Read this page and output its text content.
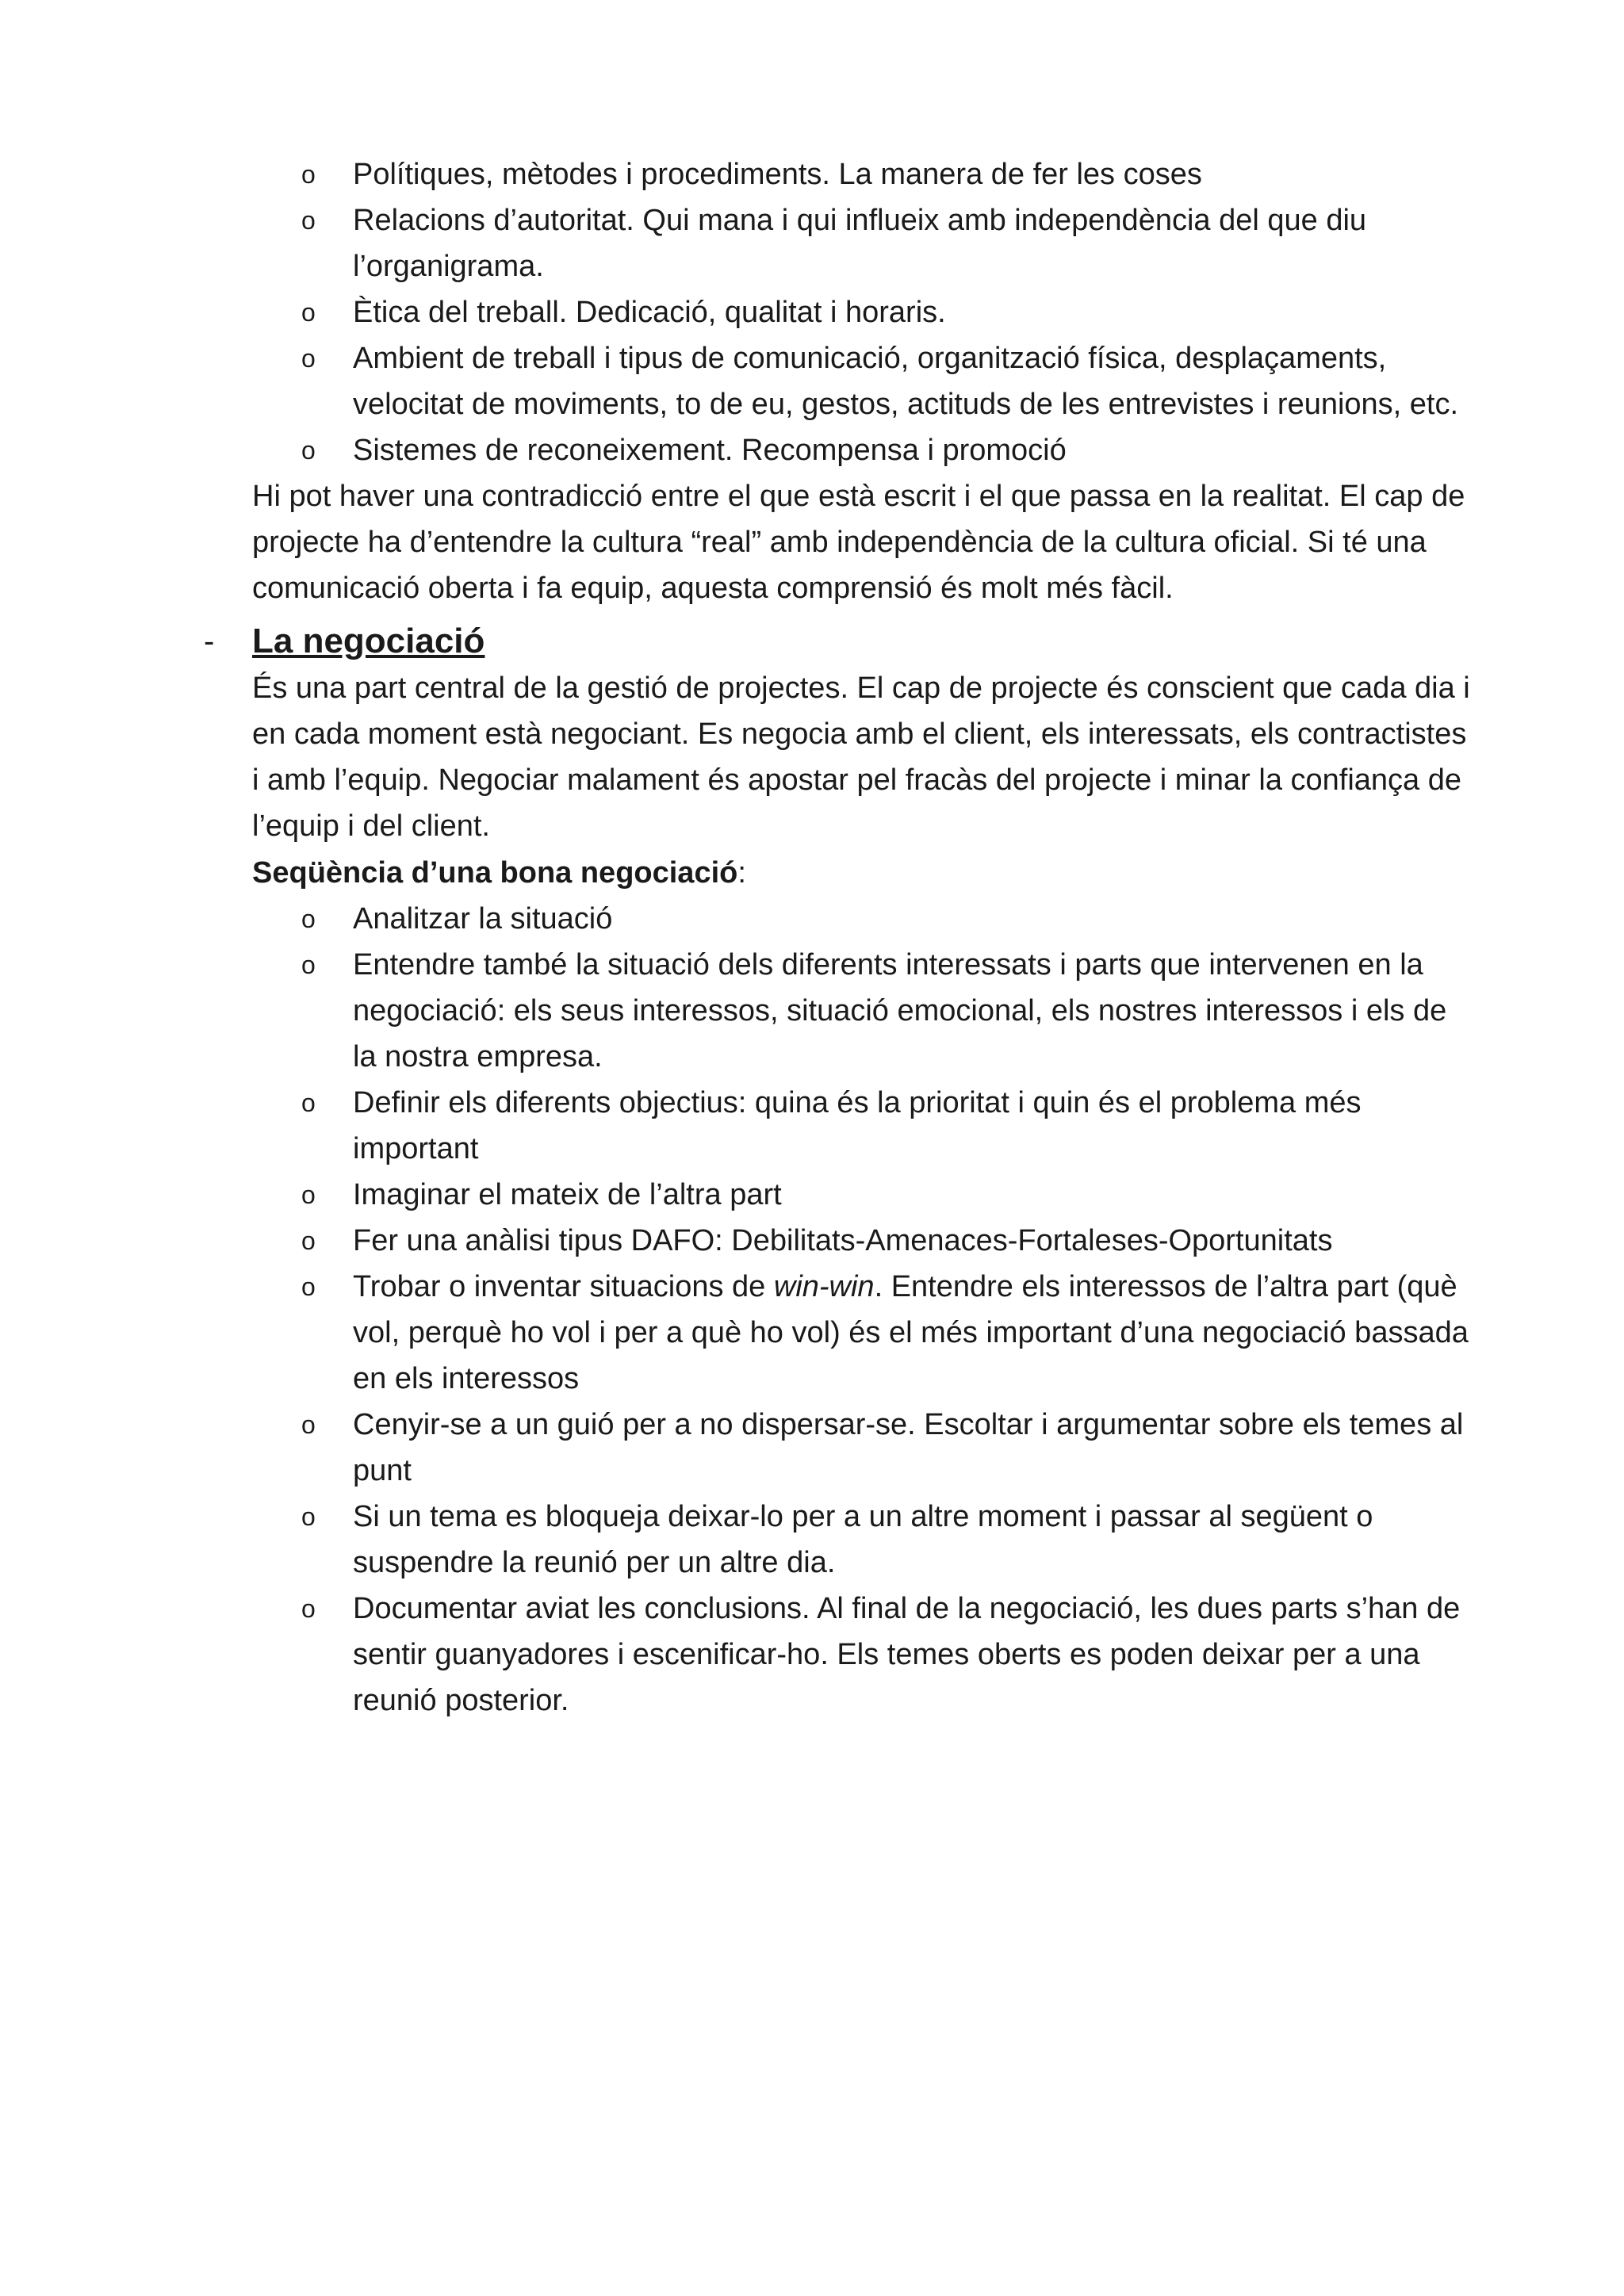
o Polítiques, mètodes i procediments. La manera de fer les coses
o Relacions d’autoritat. Qui mana i qui influeix amb independència del que diu l’organigrama.
o Ètica del treball. Dedicació, qualitat i horaris.
o Ambient de treball i tipus de comunicació, organització física, desplaçaments, velocitat de moviments, to de eu, gestos, actituds de les entrevistes i reunions, etc.
o Sistemes de reconeixement. Recompensa i promoció

Hi pot haver una contradicció entre el que està escrit i el que passa en la realitat. El cap de projecte ha d’entendre la cultura “real” amb independència de la cultura oficial. Si té una comunicació oberta i fa equip, aquesta comprensió és molt més fàcil.

- La negociació

És una part central de la gestió de projectes. El cap de projecte és conscient que cada dia i en cada moment està negociant. Es negocia amb el client, els interessats, els contractistes i amb l’equip. Negociar malament és apostar pel fracàs del projecte i minar la confiança de l’equip i del client.

Seqüència d’una bona negociació:

o Analitzar la situació
o Entendre també la situació dels diferents interessats i parts que intervenen en la negociació: els seus interessos, situació emocional, els nostres interessos i els de la nostra empresa.
o Definir els diferents objectius: quina és la prioritat i quin és el problema més important
o Imaginar el mateix de l’altra part
o Fer una anàlisi tipus DAFO: Debilitats-Amenaces-Fortaleses-Oportunitats
o Trobar o inventar situacions de win-win. Entendre els interessos de l’altra part (què vol, perquè ho vol i per a què ho vol) és el més important d’una negociació bassada en els interessos
o Cenyir-se a un guió per a no dispersar-se. Escoltar i argumentar sobre els temes al punt
o Si un tema es bloqueja deixar-lo per a un altre moment i passar al següent o suspendre la reunió per un altre dia.
o Documentar aviat les conclusions. Al final de la negociació, les dues parts s’han de sentir guanyadores i escenificar-ho. Els temes oberts es poden deixar per a una reunió posterior.
